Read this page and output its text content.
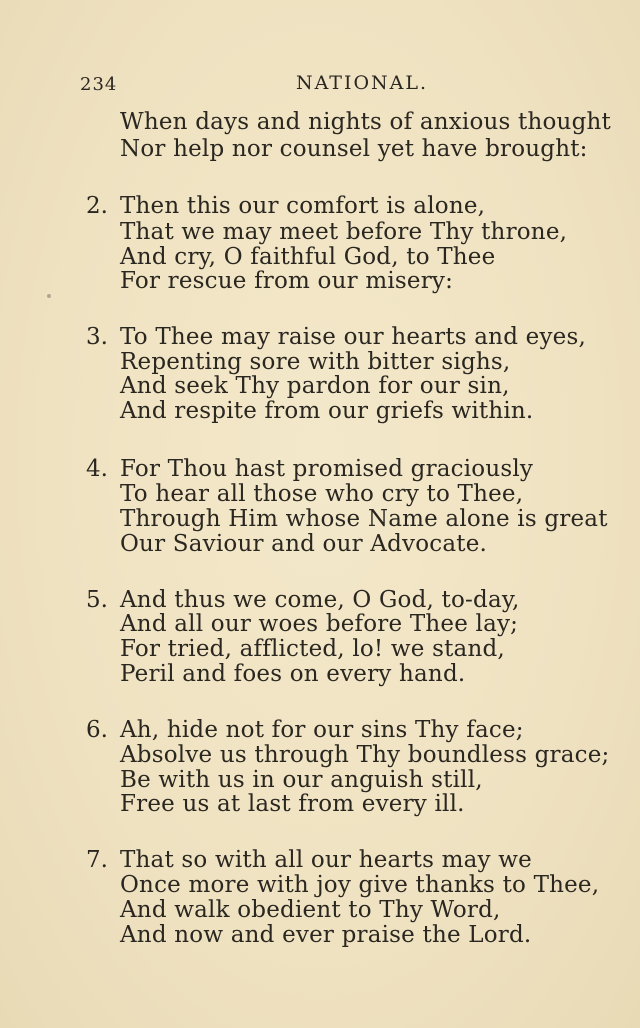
234	NATIONAL.
When days and nights of anxious thought
Nor help nor counsel yet have brought:
2. Then this our comfort is alone,
That we may meet before Thy throne,
And cry, O faithful God, to Thee
For rescue from our misery:
3. To Thee may raise our hearts and eyes,
Repenting sore with bitter sighs,
And seek Thy pardon for our sin,
And respite from our griefs within.
4. For Thou hast promised graciously
To hear all those who cry to Thee,
Through Him whose Name alone is great
Our Saviour and our Advocate.
5. And thus we come, O God, to-day,
And all our woes before Thee lay;
For tried, afflicted, lo! we stand,
Peril and foes on every hand.
6. Ah, hide not for our sins Thy face;
Absolve us through Thy boundless grace;
Be with us in our anguish still,
Free us at last from every ill.
7. That so with all our hearts may we
Once more with joy give thanks to Thee,
And walk obedient to Thy Word,
And now and ever praise the Lord.
